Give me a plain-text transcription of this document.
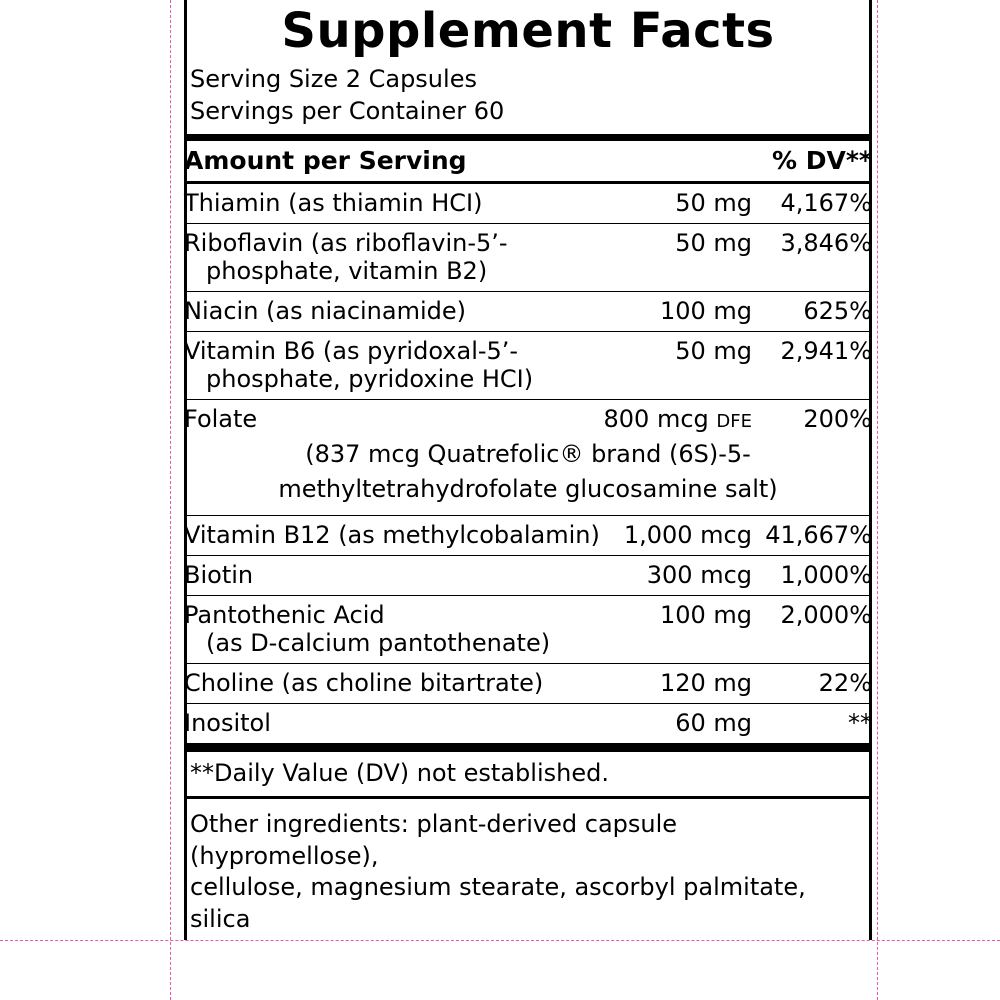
Supplement Facts
Serving Size 2 Capsules
Servings per Container 60
Amount per Serving		% DV**
Thiamin (as thiamin HCI)	50 mg	4,167%
Riboflavin (as riboflavin-5’-
phosphate, vitamin B2)	50 mg	3,846%
Niacin (as niacinamide)	100 mg	625%
Vitamin B6 (as pyridoxal-5’-
phosphate, pyridoxine HCI)	50 mg	2,941%
Folate	800 mcg DFE	200%

(837 mcg Quatrefolic® brand (6S)-5-
methyltetrahydrofolate glucosamine salt)		

Vitamin B12 (as methylcobalamin)	1,000 mcg	41,667%
Biotin	300 mcg	1,000%
Pantothenic Acid
(as D-calcium pantothenate)	100 mg	2,000%
Choline (as choline bitartrate)	120 mg	22%
Inositol	60 mg	**
**Daily Value (DV) not established.
Other ingredients: plant-derived capsule (hypromellose),
cellulose, magnesium stearate, ascorbyl palmitate, silica
